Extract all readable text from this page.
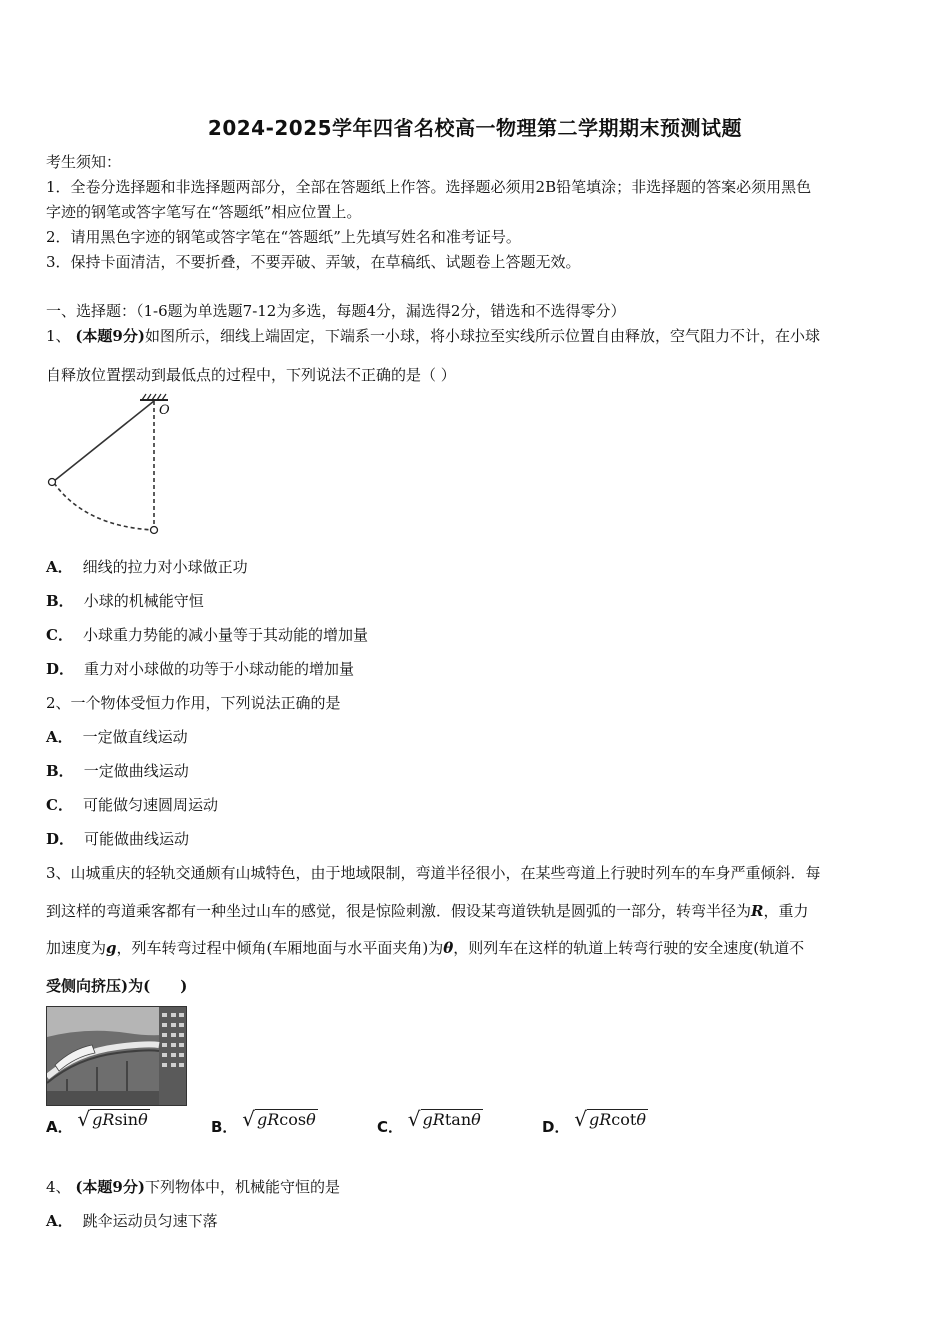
2024-2025学年四省名校高一物理第二学期期末预测试题
考生须知：
1．全卷分选择题和非选择题两部分，全部在答题纸上作答。选择题必须用2B铅笔填涂；非选择题的答案必须用黑色
字迹的钢笔或答字笔写在“答题纸”相应位置上。
2．请用黑色字迹的钢笔或答字笔在“答题纸”上先填写姓名和准考证号。
3．保持卡面清洁，不要折叠，不要弄破、弄皱，在草稿纸、试题卷上答题无效。
一、选择题：（1-6题为单选题7-12为多选，每题4分，漏选得2分，错选和不选得零分）
1、 (本题9分)如图所示，细线上端固定，下端系一小球，将小球拉至实线所示位置自由释放，空气阻力不计，在小球
自释放位置摆动到最低点的过程中，下列说法不正确的是（ ）
O
A． 细线的拉力对小球做正功
B． 小球的机械能守恒
C． 小球重力势能的减小量等于其动能的增加量
D． 重力对小球做的功等于小球动能的增加量
2、一个物体受恒力作用，下列说法正确的是
A． 一定做直线运动
B． 一定做曲线运动
C． 可能做匀速圆周运动
D． 可能做曲线运动
3、山城重庆的轻轨交通颇有山城特色，由于地域限制，弯道半径很小，在某些弯道上行驶时列车的车身严重倾斜．每
到这样的弯道乘客都有一种坐过山车的感觉，很是惊险刺激．假设某弯道铁轨是圆弧的一部分，转弯半径为R，重力
加速度为g，列车转弯过程中倾角(车厢地面与水平面夹角)为θ，则列车在这样的轨道上转弯行驶的安全速度(轨道不
受侧向挤压)为(　　)
A． √ gRsinθ	B． √ gRcosθ	C． √ gRtanθ	D． √ gRcotθ
4、 (本题9分)下列物体中，机械能守恒的是
A． 跳伞运动员匀速下落
